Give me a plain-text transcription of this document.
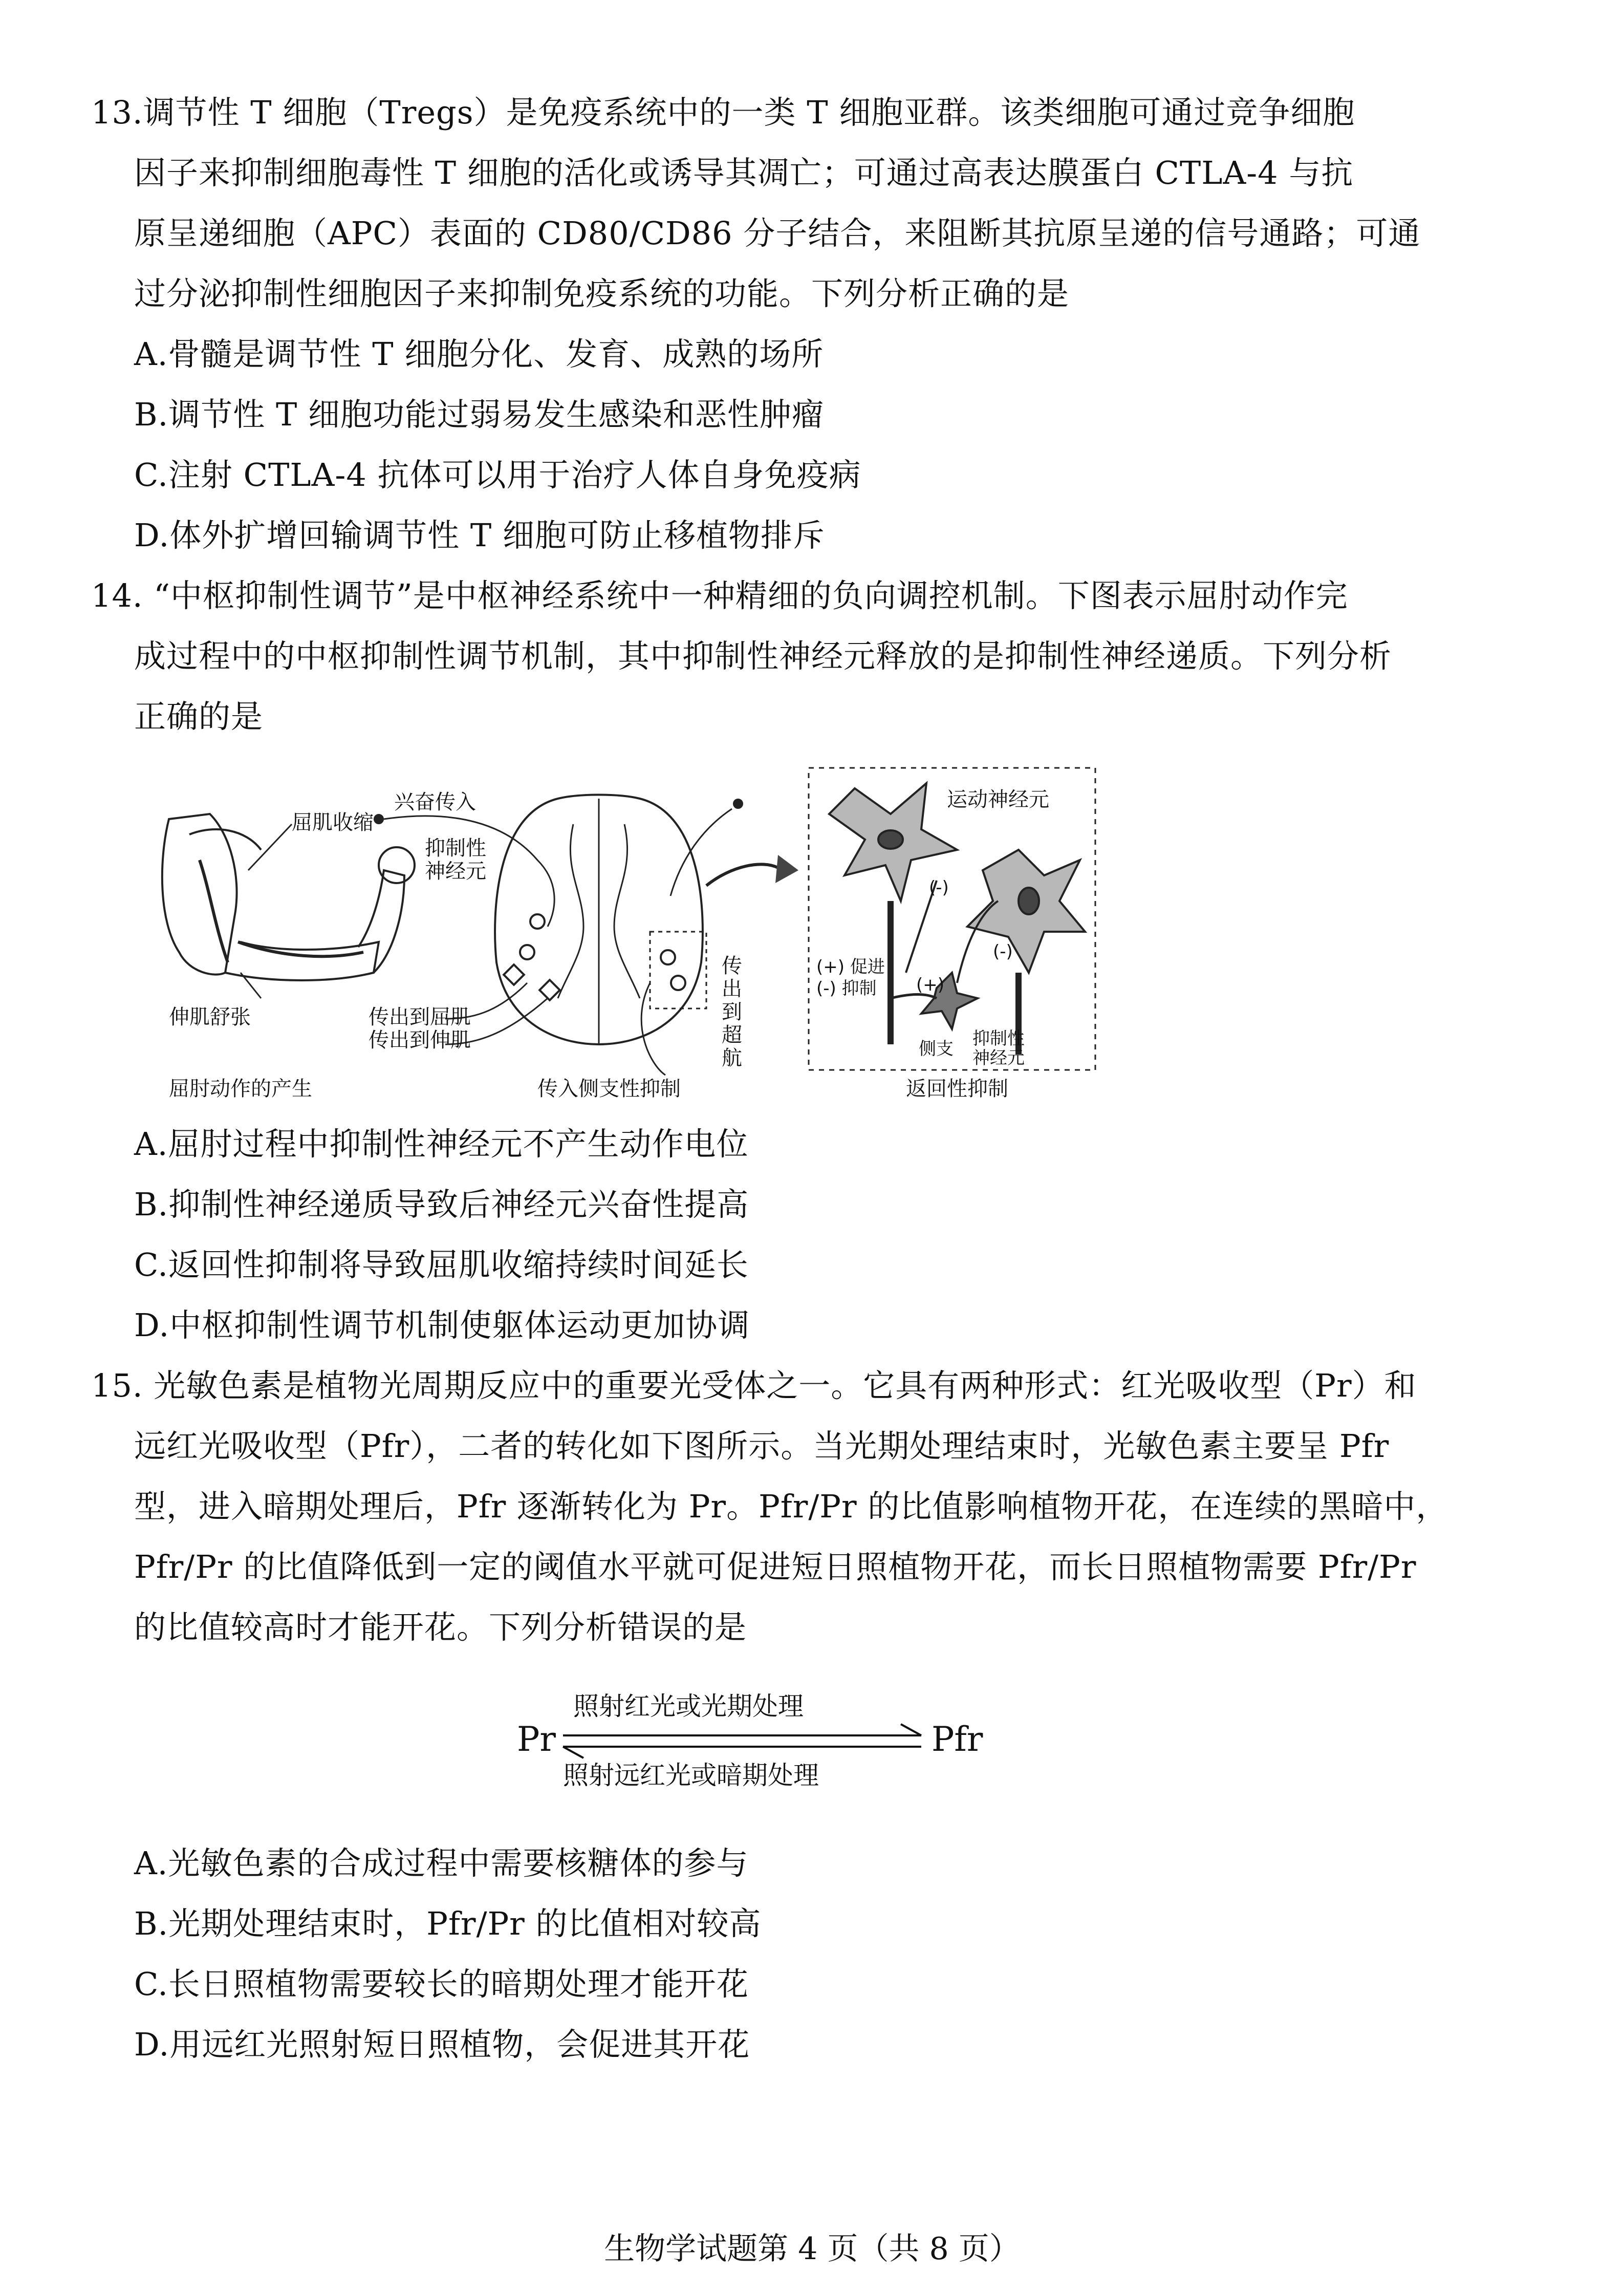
13.调节性 T 细胞（Tregs）是免疫系统中的一类 T 细胞亚群。该类细胞可通过竞争细胞
因子来抑制细胞毒性 T 细胞的活化或诱导其凋亡；可通过高表达膜蛋白 CTLA-4 与抗
原呈递细胞（APC）表面的 CD80/CD86 分子结合，来阻断其抗原呈递的信号通路；可通
过分泌抑制性细胞因子来抑制免疫系统的功能。下列分析正确的是
A.骨髓是调节性 T 细胞分化、发育、成熟的场所
B.调节性 T 细胞功能过弱易发生感染和恶性肿瘤
C.注射 CTLA-4 抗体可以用于治疗人体自身免疫病
D.体外扩增回输调节性 T 细胞可防止移植物排斥
14. “中枢抑制性调节”是中枢神经系统中一种精细的负向调控机制。下图表示屈肘动作完
成过程中的中枢抑制性调节机制，其中抑制性神经元释放的是抑制性神经递质。下列分析
正确的是
屈肌收缩
伸肌舒张
屈肘动作的产生
兴奋传入
抑制性
神经元
传出到屈肌
传出到伸肌
传
出
到
超
航
传入侧支性抑制
运动神经元
(-)
(-)
(+)
(+) 促进
(-) 抑制
侧支 抑制性
神经元
返回性抑制
A.屈肘过程中抑制性神经元不产生动作电位
B.抑制性神经递质导致后神经元兴奋性提高
C.返回性抑制将导致屈肌收缩持续时间延长
D.中枢抑制性调节机制使躯体运动更加协调
15. 光敏色素是植物光周期反应中的重要光受体之一。它具有两种形式：红光吸收型（Pr）和
远红光吸收型（Pfr），二者的转化如下图所示。当光期处理结束时，光敏色素主要呈 Pfr
型，进入暗期处理后，Pfr 逐渐转化为 Pr。Pfr/Pr 的比值影响植物开花，在连续的黑暗中，
Pfr/Pr 的比值降低到一定的阈值水平就可促进短日照植物开花，而长日照植物需要 Pfr/Pr
的比值较高时才能开花。下列分析错误的是
Pr
照射红光或光期处理
Pfr
照射远红光或暗期处理
A.光敏色素的合成过程中需要核糖体的参与
B.光期处理结束时，Pfr/Pr 的比值相对较高
C.长日照植物需要较长的暗期处理才能开花
D.用远红光照射短日照植物，会促进其开花
生物学试题第 4 页（共 8 页）
